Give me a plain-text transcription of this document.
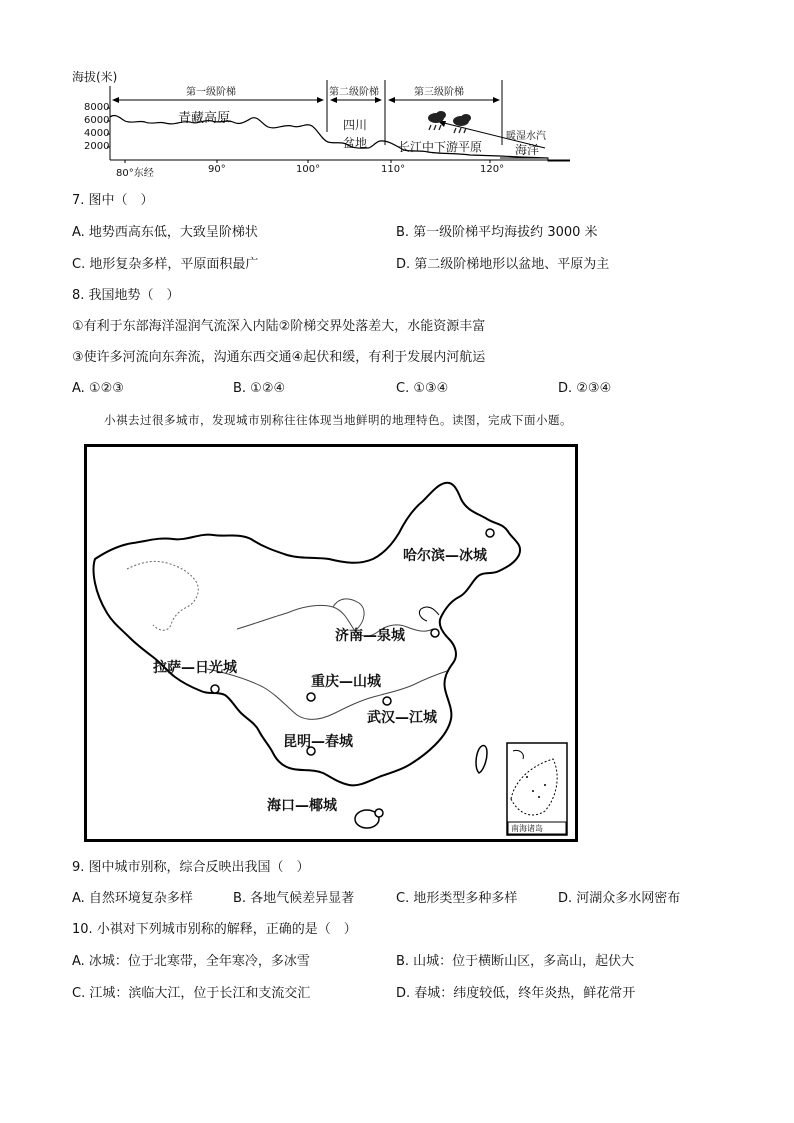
海拔(米)
8000
6000
4000
2000
80°东经	90°	100°	110°	120°
第一级阶梯	第二级阶梯	第三级阶梯
青藏高原	四川
盆地	长江中下游平原
暖湿水汽
海洋
7. 图中（　）
A. 地势西高东低，大致呈阶梯状	B. 第一级阶梯平均海拔约 3000 米
C. 地形复杂多样，平原面积最广	D. 第二级阶梯地形以盆地、平原为主
8. 我国地势（　）
①有利于东部海洋湿润气流深入内陆②阶梯交界处落差大，水能资源丰富
③使许多河流向东奔流，沟通东西交通④起伏和缓，有利于发展内河航运
A. ①②③	B. ①②④	C. ①③④	D. ②③④
小祺去过很多城市，发现城市别称往往体现当地鲜明的地理特色。读图，完成下面小题。
哈尔滨—冰城
济南—泉城
拉萨—日光城
重庆—山城
武汉—江城
昆明—春城
海口—椰城
南海诸岛
9. 图中城市别称，综合反映出我国（　）
A. 自然环境复杂多样	B. 各地气候差异显著	C. 地形类型多种多样	D. 河湖众多水网密布
10. 小祺对下列城市别称的解释，正确的是（　）
A. 冰城：位于北寒带，全年寒冷，多冰雪	B. 山城：位于横断山区，多高山，起伏大
C. 江城：滨临大江，位于长江和支流交汇	D. 春城：纬度较低，终年炎热，鲜花常开
